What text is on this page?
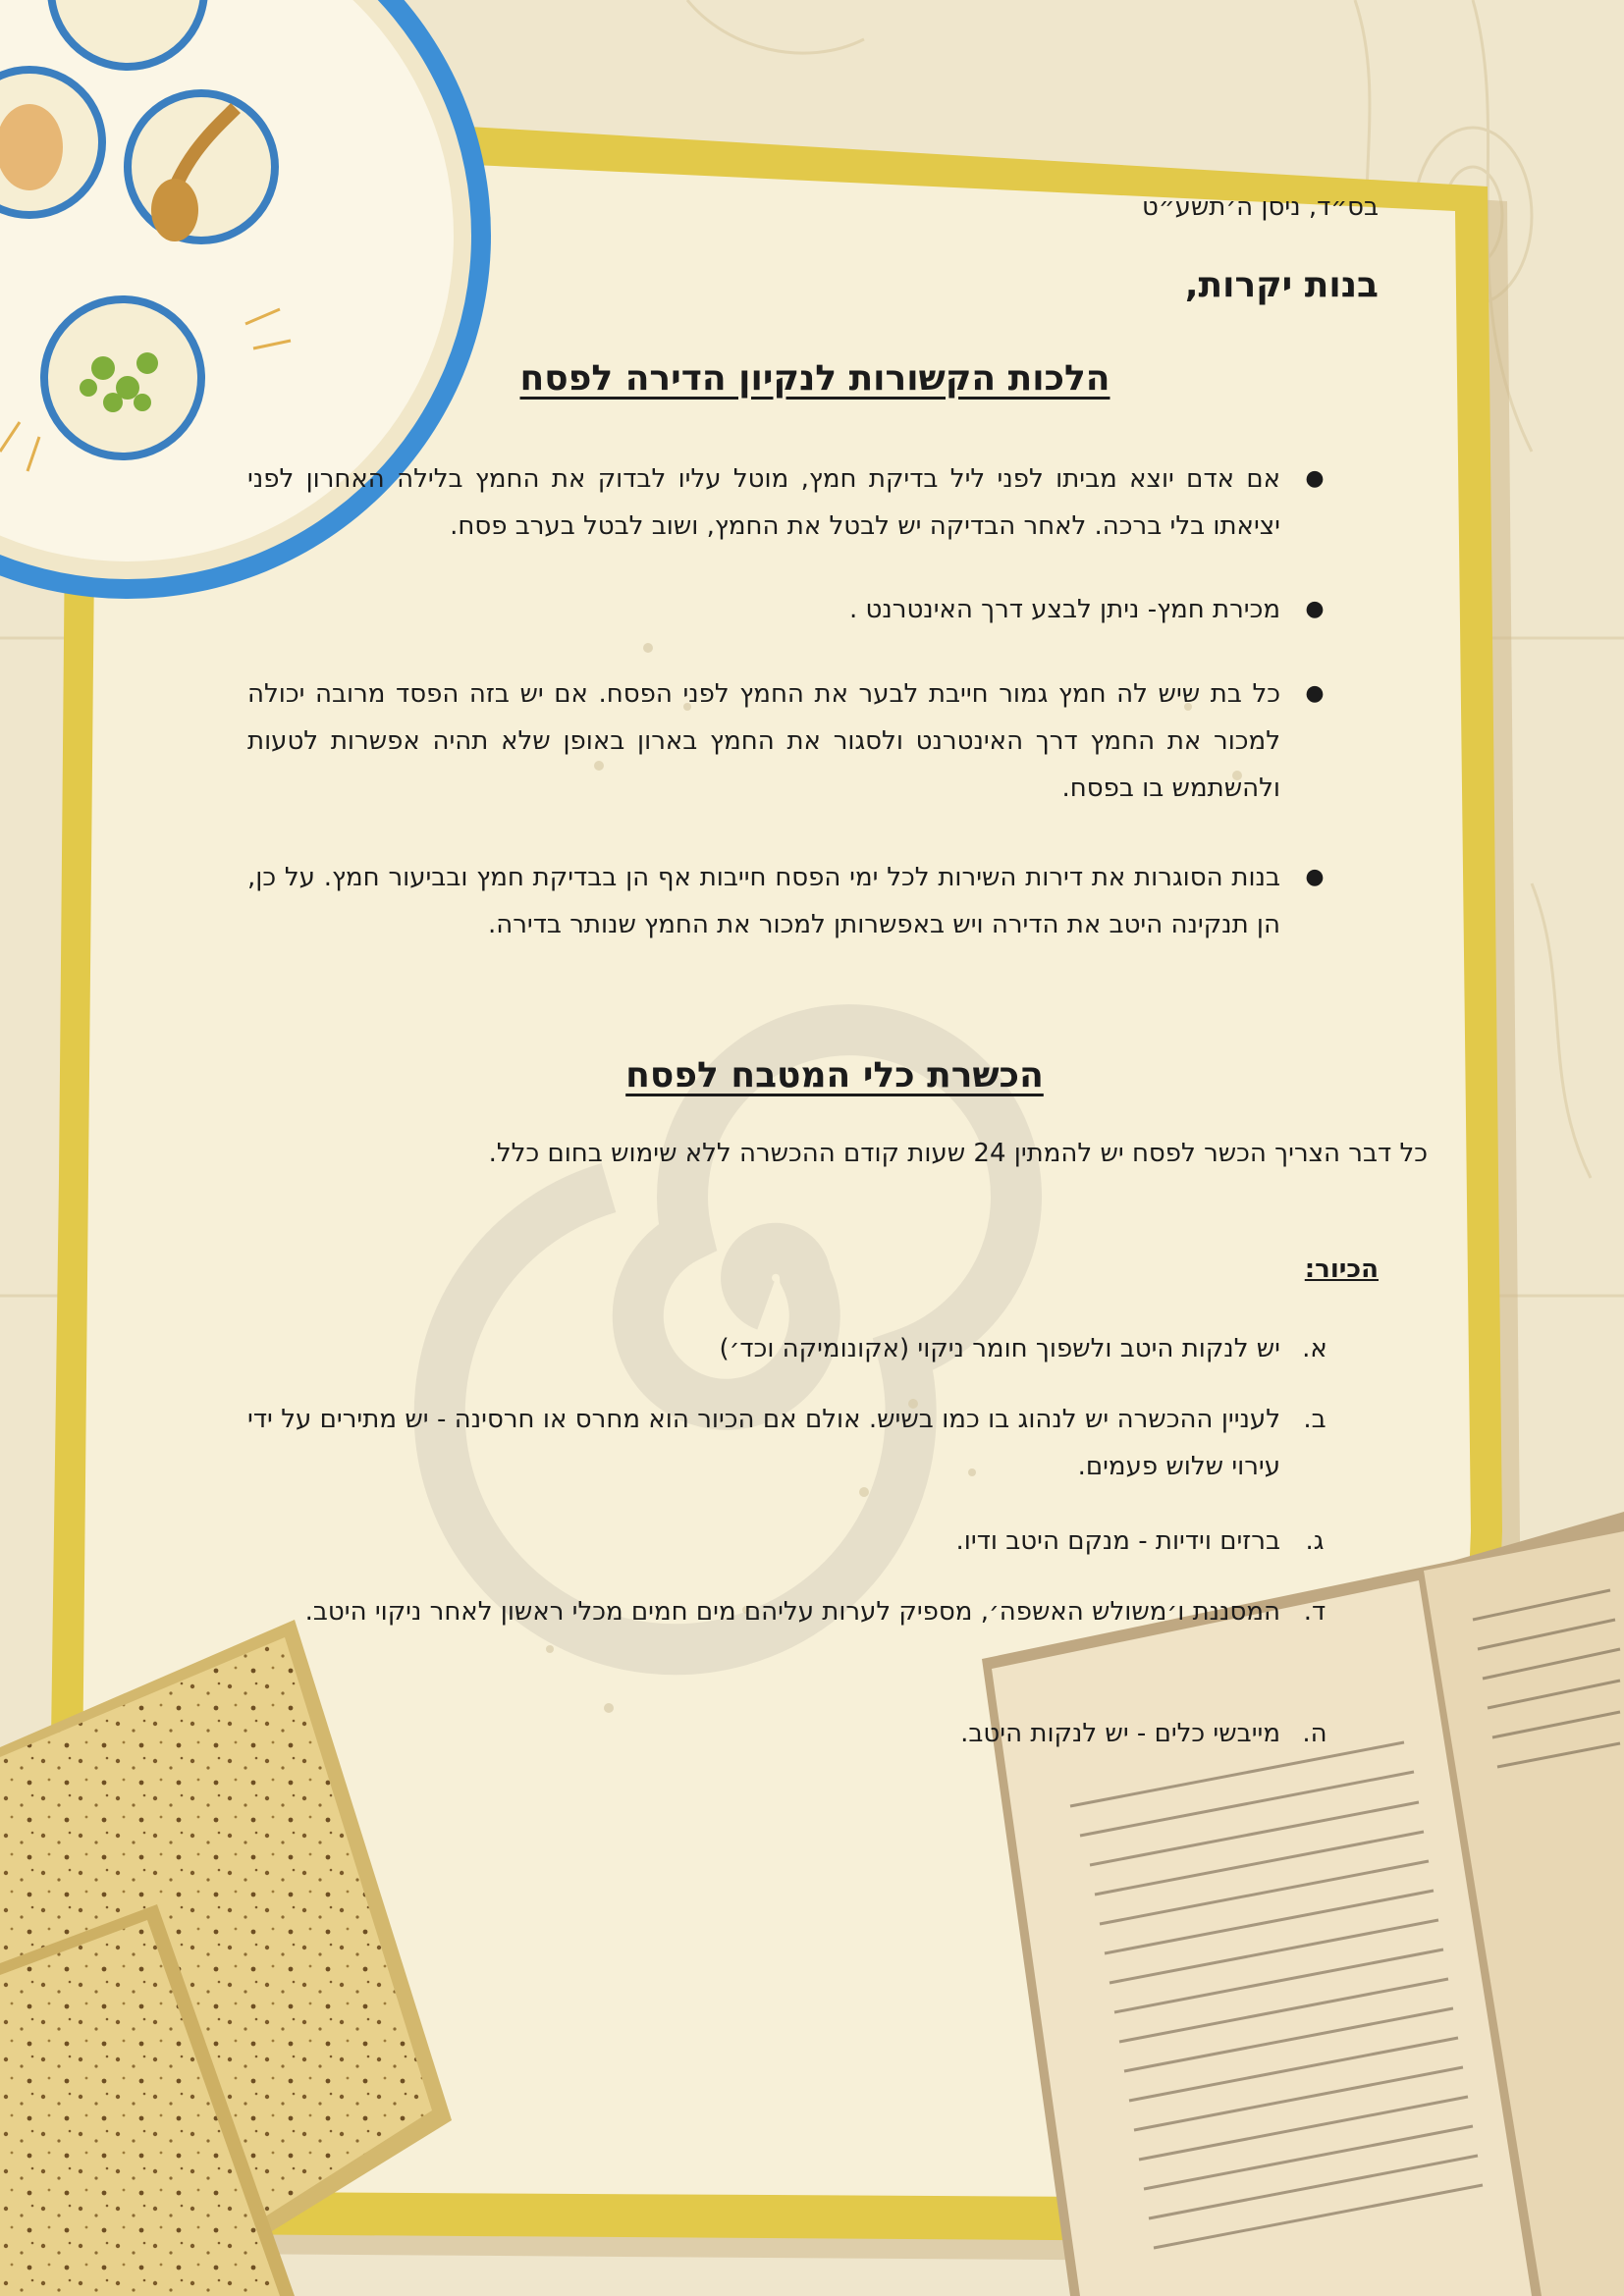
בס״ד, ניסן ה׳תשע״ט

בנות יקרות,

הלכות הקשורות לנקיון הדירה לפסח
●
אם אדם יוצא מביתו לפני ליל בדיקת חמץ, מוטל עליו לבדוק את החמץ בלילה האחרון לפני יציאתו בלי ברכה. לאחר הבדיקה יש לבטל את החמץ, ושוב לבטל בערב פסח.
●
מכירת חמץ- ניתן לבצע דרך האינטרנט .
●
כל בת שיש לה חמץ גמור חייבת לבער את החמץ לפני הפסח. אם יש בזה הפסד מרובה יכולה למכור את החמץ דרך האינטרנט ולסגור את החמץ בארון באופן שלא תהיה אפשרות לטעות ולהשתמש בו בפסח.
●
בנות הסוגרות את דירות השירות לכל ימי הפסח חייבות אף הן בבדיקת חמץ ובביעור חמץ. על כן, הן תנקינה היטב את הדירה ויש באפשרותן למכור את החמץ שנותר בדירה.
הכשרת כלי המטבח לפסח

כל דבר הצריך הכשר לפסח יש להמתין 24 שעות קודם ההכשרה ללא שימוש בחום כלל.

הכיור:

א.
יש לנקות היטב ולשפוך חומר ניקוי (אקונומיקה וכד׳)
ב.
לעניין ההכשרה יש לנהוג בו כמו בשיש. אולם אם הכיור הוא מחרס או חרסינה - יש מתירים על ידי עירוי שלוש פעמים.
ג.
ברזים וידיות - מנקם היטב ודיו.
ד.
המסננת ו׳משולש האשפה׳, מספיק לערות עליהם מים חמים מכלי ראשון לאחר ניקוי היטב.
ה.
מייבשי כלים - יש לנקות היטב.
